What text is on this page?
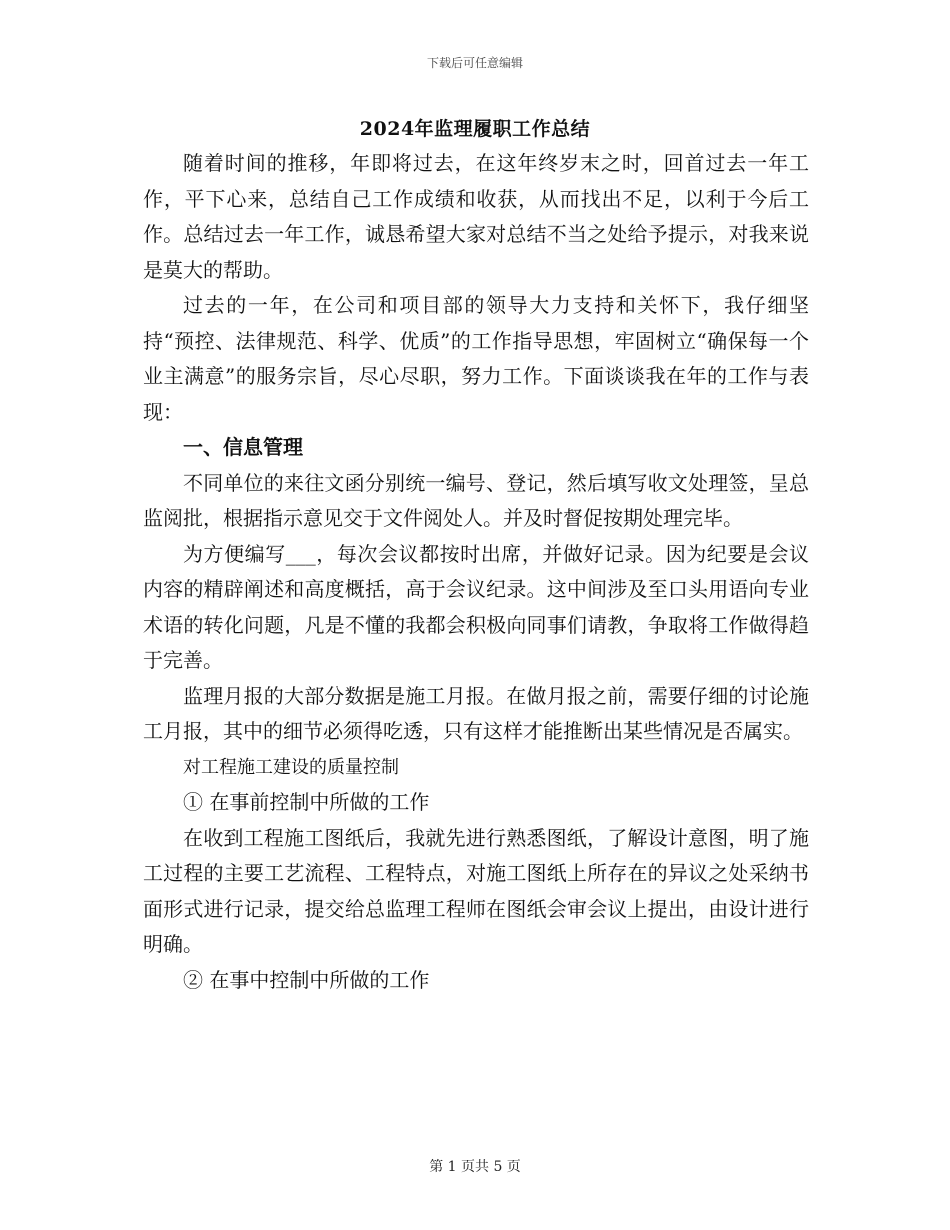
下载后可任意编辑
2024年监理履职工作总结

随着时间的推移，年即将过去，在这年终岁末之时，回首过去一年工作，平下心来，总结自己工作成绩和收获，从而找出不足，以利于今后工作。总结过去一年工作，诚恳希望大家对总结不当之处给予提示，对我来说是莫大的帮助。

过去的一年，在公司和项目部的领导大力支持和关怀下，我仔细坚持“预控、法律规范、科学、优质”的工作指导思想，牢固树立“确保每一个业主满意”的服务宗旨，尽心尽职，努力工作。下面谈谈我在年的工作与表现：

一、信息管理

不同单位的来往文函分别统一编号、登记，然后填写收文处理签，呈总监阅批，根据指示意见交于文件阅处人。并及时督促按期处理完毕。

为方便编写___，每次会议都按时出席，并做好记录。因为纪要是会议内容的精辟阐述和高度概括，高于会议纪录。这中间涉及至口头用语向专业术语的转化问题，凡是不懂的我都会积极向同事们请教，争取将工作做得趋于完善。

监理月报的大部分数据是施工月报。在做月报之前，需要仔细的讨论施工月报，其中的细节必须得吃透，只有这样才能推断出某些情况是否属实。

对工程施工建设的质量控制

① 在事前控制中所做的工作

在收到工程施工图纸后，我就先进行熟悉图纸，了解设计意图，明了施工过程的主要工艺流程、工程特点，对施工图纸上所存在的异议之处采纳书面形式进行记录，提交给总监理工程师在图纸会审会议上提出，由设计进行明确。

② 在事中控制中所做的工作

第 1 页共 5 页
